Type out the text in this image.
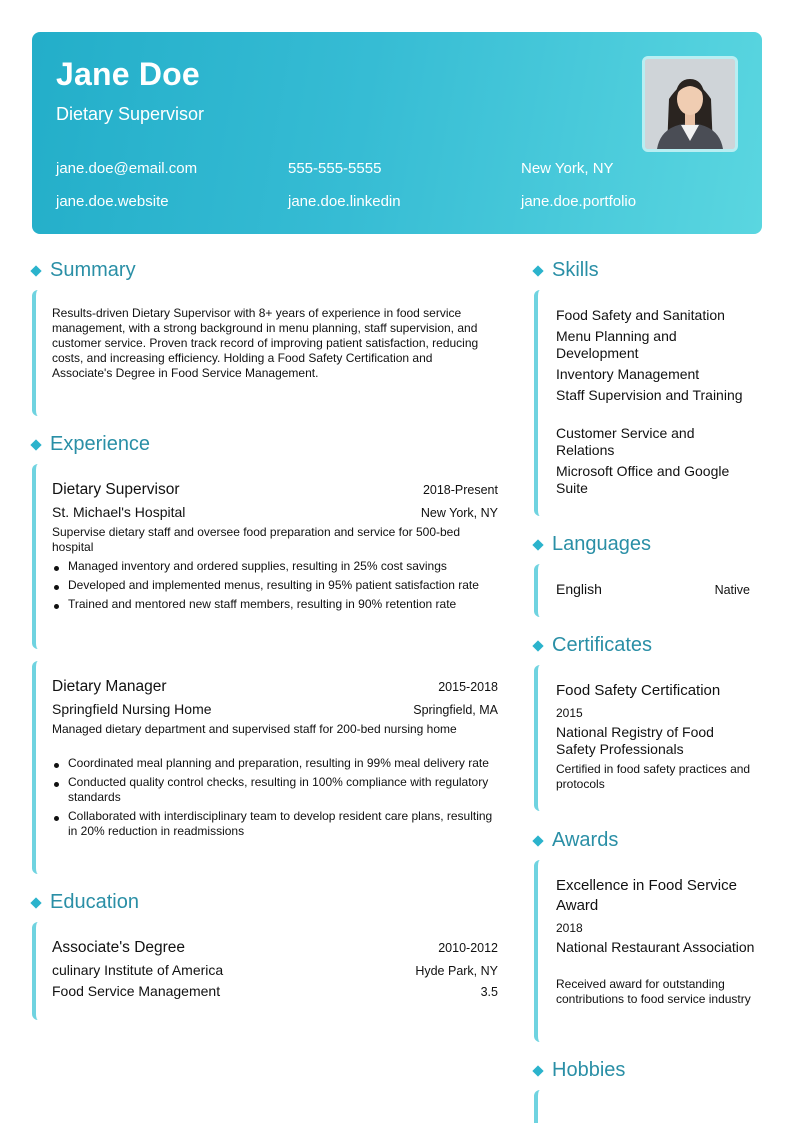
Jane Doe
Dietary Supervisor
jane.doe@email.com	555-555-5555	New York, NY
jane.doe.website	jane.doe.linkedin	jane.doe.portfolio
Summary
Results-driven Dietary Supervisor with 8+ years of experience in food service management, with a strong background in menu planning, staff supervision, and customer service. Proven track record of improving patient satisfaction, reducing costs, and increasing efficiency. Holding a Food Safety Certification and Associate's Degree in Food Service Management.
Experience
Dietary Supervisor	2018-Present
St. Michael's Hospital	New York, NY
Supervise dietary staff and oversee food preparation and service for 500-bed hospital
Managed inventory and ordered supplies, resulting in 25% cost savings
Developed and implemented menus, resulting in 95% patient satisfaction rate
Trained and mentored new staff members, resulting in 90% retention rate
Dietary Manager	2015-2018
Springfield Nursing Home	Springfield, MA
Managed dietary department and supervised staff for 200-bed nursing home
Coordinated meal planning and preparation, resulting in 99% meal delivery rate
Conducted quality control checks, resulting in 100% compliance with regulatory standards
Collaborated with interdisciplinary team to develop resident care plans, resulting in 20% reduction in readmissions
Education
Associate's Degree	2010-2012
culinary Institute of America	Hyde Park, NY
Food Service Management	3.5
Skills
Food Safety and Sanitation
Menu Planning and Development
Inventory Management
Staff Supervision and Training
Customer Service and Relations
Microsoft Office and Google Suite
Languages
English	Native
Certificates
Food Safety Certification
2015
National Registry of Food Safety Professionals
Certified in food safety practices and protocols
Awards
Excellence in Food Service Award
2018
National Restaurant Association
Received award for outstanding contributions to food service industry
Hobbies
